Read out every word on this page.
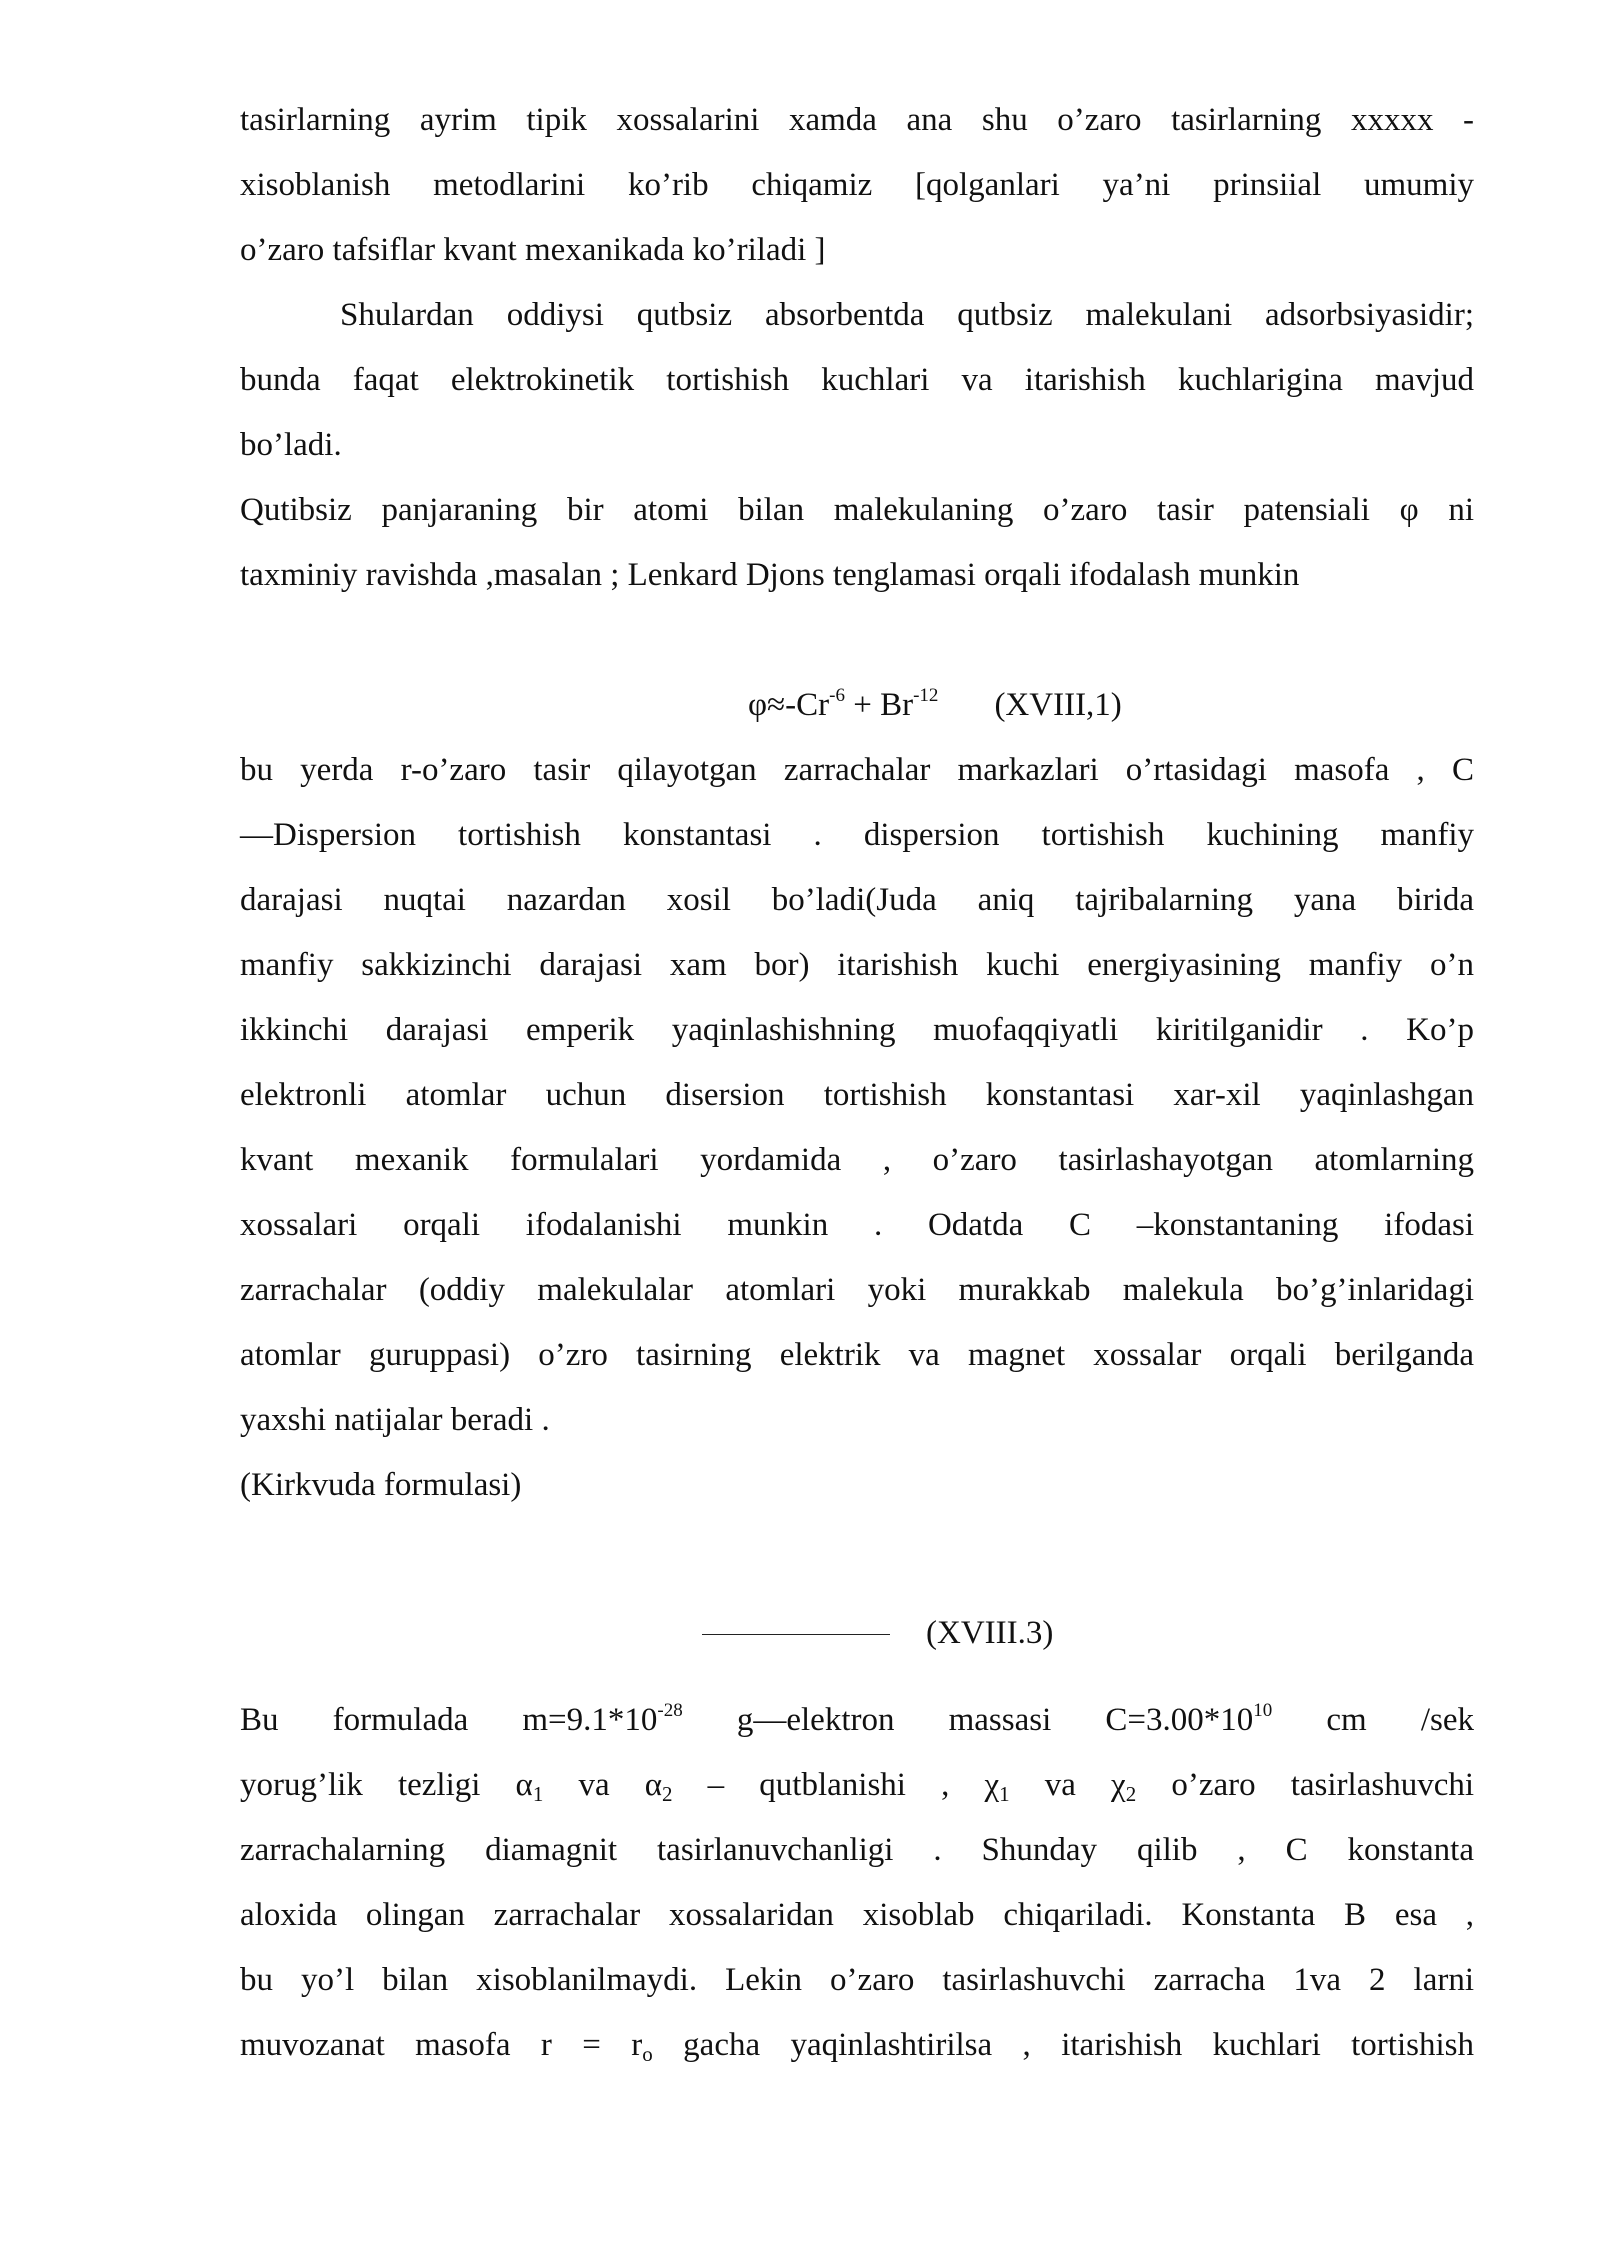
tasirlarning ayrim tipik xossalarini xamda ana shu o’zaro tasirlarning xxxxx -
xisoblanish metodlarini ko’rib chiqamiz [qolganlari ya’ni prinsiial umumiy
o’zaro tafsiflar kvant mexanikada ko’riladi ]
Shulardan oddiysi qutbsiz absorbentda qutbsiz malekulani adsorbsiyasidir;
bunda faqat elektrokinetik tortishish kuchlari va itarishish kuchlarigina mavjud
bo’ladi.
Qutibsiz panjaraning bir atomi bilan malekulaning o’zaro tasir patensiali φ ni
taxminiy ravishda ,masalan ; Lenkard Djons tenglamasi orqali ifodalash munkin
$\varphi\approx-Cr^{-6} + Br^{-12}$ (XVIII,1)
bu yerda r-o’zaro tasir qilayotgan zarrachalar markazlari o’rtasidagi masofa , C
—Dispersion tortishish konstantasi . dispersion tortishish kuchining manfiy
darajasi nuqtai nazardan xosil bo’ladi(Juda aniq tajribalarning yana birida
manfiy sakkizinchi darajasi xam bor) itarishish kuchi energiyasining manfiy o’n
ikkinchi darajasi emperik yaqinlashishning muofaqqiyatli kiritilganidir . Ko’p
elektronli atomlar uchun disersion tortishish konstantasi xar-xil yaqinlashgan
kvant mexanik formulalari yordamida , o’zaro tasirlashayotgan atomlarning
xossalari orqali ifodalanishi munkin . Odatda C –konstantaning ifodasi
zarrachalar (oddiy malekulalar atomlari yoki murakkab malekula bo’g’inlaridagi
atomlar guruppasi) o’zro tasirning elektrik va magnet xossalar orqali berilganda
yaxshi natijalar beradi .
(Kirkvuda formulasi)
(XVIII.3)
Bu formulada $m=9.1*10^{-28}$ g—elektron massasi $C=3.00*10^{10}$ cm /sek
yorug’lik tezligi $\alpha_1$ va $\alpha_2$ – qutblanishi , $\chi_1$ va $\chi_2$ o’zaro tasirlashuvchi
zarrachalarning diamagnit tasirlanuvchanligi . Shunday qilib , C konstanta
aloxida olingan zarrachalar xossalaridan xisoblab chiqariladi. Konstanta B esa ,
bu yo’l bilan xisoblanilmaydi. Lekin o’zaro tasirlashuvchi zarracha 1va 2 larni
muvozanat masofa $r = r_o$ gacha yaqinlashtirilsa , itarishish kuchlari tortishish
